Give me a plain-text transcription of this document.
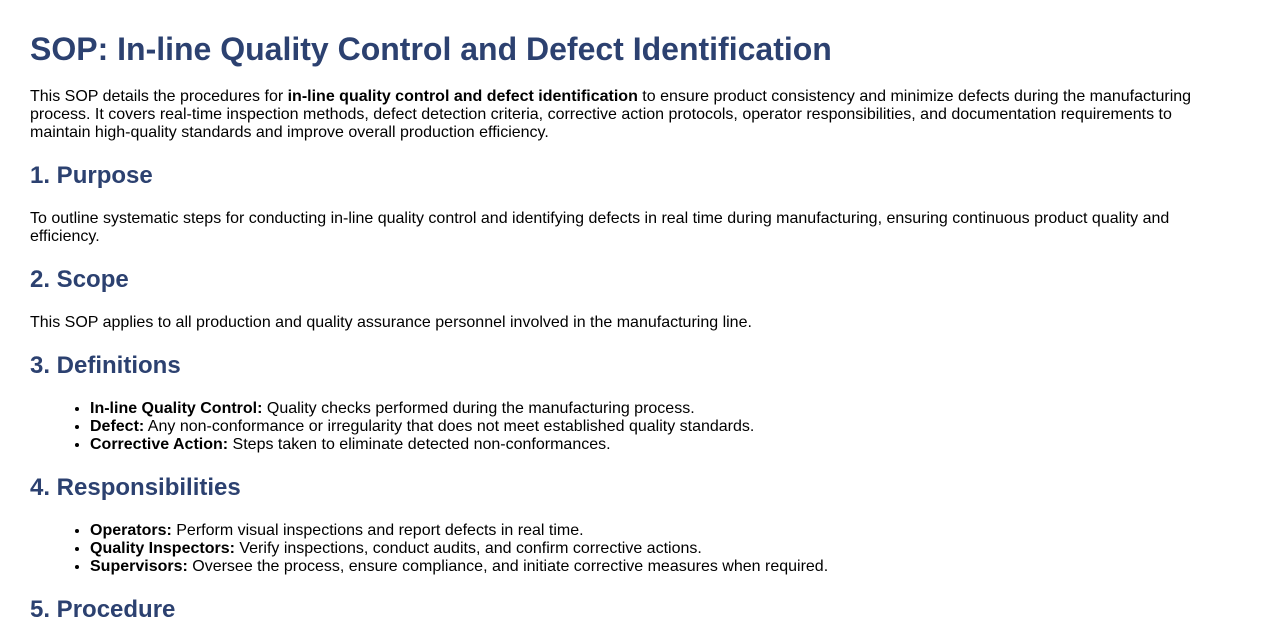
SOP: In-line Quality Control and Defect Identification

This SOP details the procedures for in-line quality control and defect identification to ensure product consistency and minimize defects during the manufacturing process. It covers real-time inspection methods, defect detection criteria, corrective action protocols, operator responsibilities, and documentation requirements to maintain high-quality standards and improve overall production efficiency.

1. Purpose

To outline systematic steps for conducting in-line quality control and identifying defects in real time during manufacturing, ensuring continuous product quality and efficiency.

2. Scope

This SOP applies to all production and quality assurance personnel involved in the manufacturing line.

3. Definitions
• In-line Quality Control: Quality checks performed during the manufacturing process.
• Defect: Any non-conformance or irregularity that does not meet established quality standards.
• Corrective Action: Steps taken to eliminate detected non-conformances.
4. Responsibilities
• Operators: Perform visual inspections and report defects in real time.
• Quality Inspectors: Verify inspections, conduct audits, and confirm corrective actions.
• Supervisors: Oversee the process, ensure compliance, and initiate corrective measures when required.
5. Procedure
